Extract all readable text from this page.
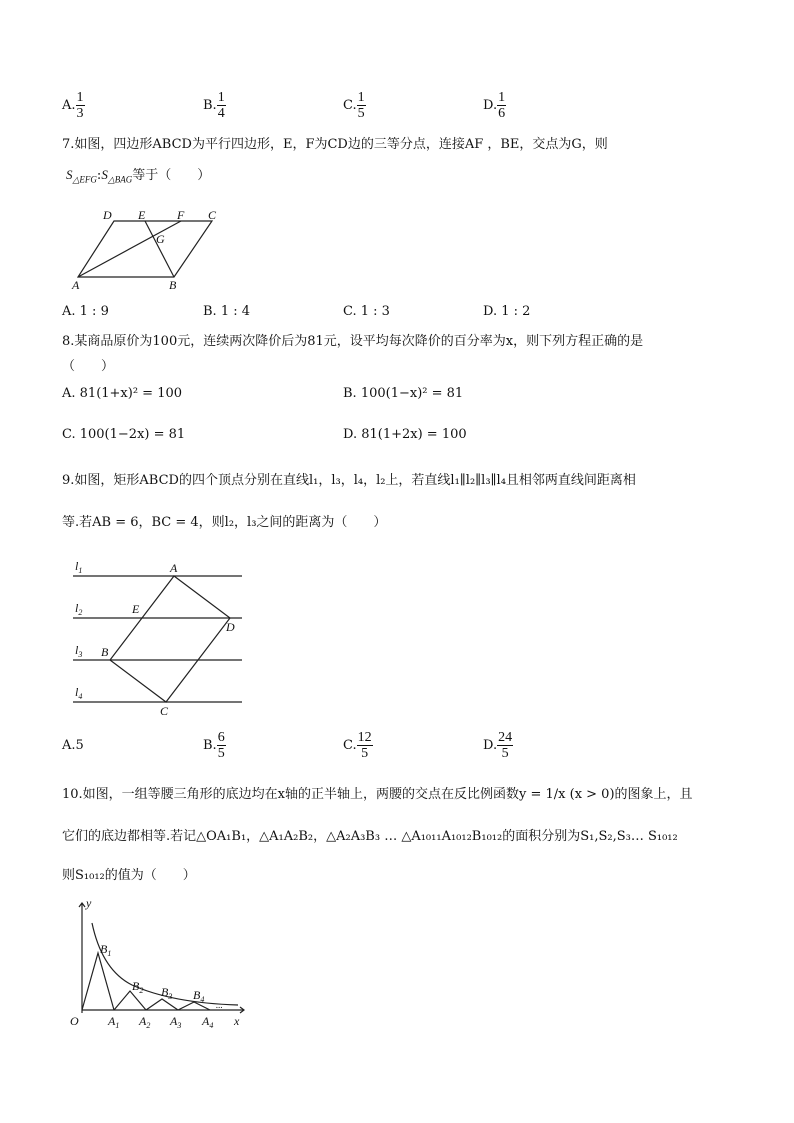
A. $\frac{1}{3}$	B. $\frac{1}{4}$	C. $\frac{1}{5}$	D. $\frac{1}{6}$
7.如图，四边形ABCD为平行四边形，E，F为CD边的三等分点，连接AF ，BE，交点为G，则
$S_{\triangle EFG}:S_{\triangle BAG}$等于（　　）
D E	F C
G
A	B
A. 1 : 9	B. 1 : 4	C. 1 : 3	D. 1 : 2
8.某商品原价为100元，连续两次降价后为81元，设平均每次降价的百分率为x，则下列方程正确的是
（　　）
A. 81(1+x)² = 100	B. 100(1−x)² = 81
C. 100(1−2x) = 81	D. 81(1+2x) = 100
9.如图，矩形ABCD的四个顶点分别在直线l₁，l₃，l₄，l₂上，若直线l₁∥l₂∥l₃∥l₄且相邻两直线间距离相
等.若AB = 6，BC = 4，则l₂，l₃之间的距离为（　　）
$l_1$
$l_2$
$l_3$
$l_4$
A
E
D
B
C
A.5	B. $\frac{6}{5}$	C. $\frac{12}{5}$	D. $\frac{24}{5}$
10.如图，一组等腰三角形的底边均在x轴的正半轴上，两腰的交点在反比例函数y = 1/x (x > 0)的图象上，且
它们的底边都相等.若记△OA₁B₁，△A₁A₂B₂，△A₂A₃B₃ … △A₁₀₁₁A₁₀₁₂B₁₀₁₂的面积分别为S₁,S₂,S₃… S₁₀₁₂
则S₁₀₁₂的值为（　　）
y
$B_1$
$B_2$ $B_3$ $B_4$
O $A_1$ $A_2$ $A_3$ $A_4$ x
...
